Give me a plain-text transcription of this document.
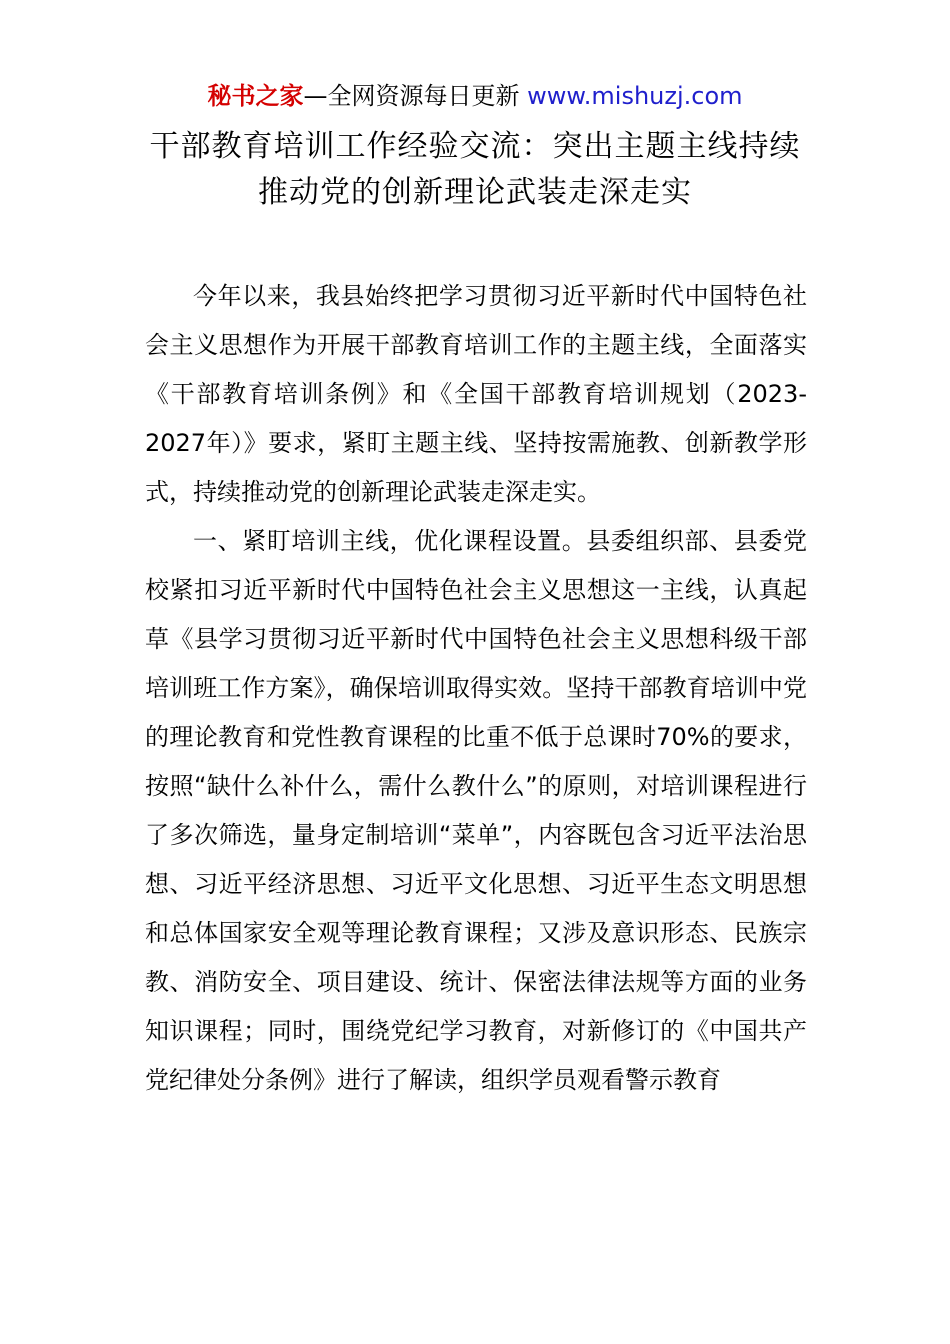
秘书之家—全网资源每日更新 www.mishuzj.com
干部教育培训工作经验交流：突出主题主线持续推动党的创新理论武装走深走实

今年以来，我县始终把学习贯彻习近平新时代中国特色社会主义思想作为开展干部教育培训工作的主题主线，全面落实《干部教育培训条例》和《全国干部教育培训规划（2023-2027年）》要求，紧盯主题主线、坚持按需施教、创新教学形式，持续推动党的创新理论武装走深走实。

一、紧盯培训主线，优化课程设置。县委组织部、县委党校紧扣习近平新时代中国特色社会主义思想这一主线，认真起草《县学习贯彻习近平新时代中国特色社会主义思想科级干部培训班工作方案》，确保培训取得实效。坚持干部教育培训中党的理论教育和党性教育课程的比重不低于总课时70%的要求，按照“缺什么补什么，需什么教什么”的原则，对培训课程进行了多次筛选，量身定制培训“菜单”，内容既包含习近平法治思想、习近平经济思想、习近平文化思想、习近平生态文明思想和总体国家安全观等理论教育课程；又涉及意识形态、民族宗教、消防安全、项目建设、统计、保密法律法规等方面的业务知识课程；同时，围绕党纪学习教育，对新修订的《中国共产党纪律处分条例》进行了解读，组织学员观看警示教育
